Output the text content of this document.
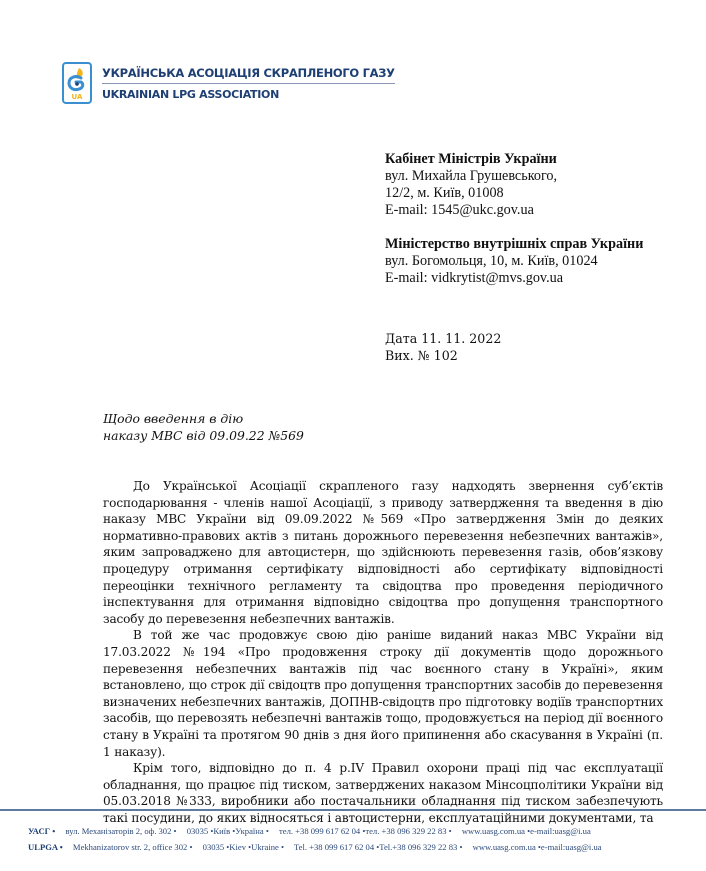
UA
УКРАЇНСЬКА АСОЦІАЦІЯ СКРАПЛЕНОГО ГАЗУ
UKRAINIAN LPG ASSOCIATION
Кабінет Міністрів України
вул. Михайла Грушевського,
12/2, м. Київ, 01008
E-mail: 1545@ukc.gov.ua
Міністерство внутрішніх справ України
вул. Богомольця, 10, м. Київ, 01024
E-mail: vidkrytist@mvs.gov.ua
Дата 11. 11. 2022
Вих. № 102
Щодо введення в дію
наказу МВС від 09.09.22 №569

До Української Асоціації скрапленого газу надходять звернення суб’єктів господарювання - членів нашої Асоціації, з приводу затвердження та введення в дію наказу МВС України від 09.09.2022 №569 «Про затвердження Змін до деяких нормативно-правових актів з питань дорожнього перевезення небезпечних вантажів», яким запроваджено для автоцистерн, що здійснюють перевезення газів, обов’язкову процедуру отримання сертифікату відповідності або сертифікату відповідності переоцінки технічного регламенту та свідоцтва про проведення періодичного інспектування для отримання відповідно свідоцтва про допущення транспортного засобу до перевезення небезпечних вантажів.

В той же час продовжує свою дію раніше виданий наказ МВС України від 17.03.2022 №194 «Про продовження строку дії документів щодо дорожнього перевезення небезпечних вантажів під час воєнного стану в Україні», яким встановлено, що строк дії свідоцтв про допущення транспортних засобів до перевезення визначених небезпечних вантажів, ДОПНВ-свідоцтв про підготовку водіїв транспортних засобів, що перевозять небезпечні вантажів тощо, продовжується на період дії воєнного стану в Україні та протягом 90 днів з дня його припинення або скасування в Україні (п. 1 наказу).

Крім того, відповідно до п. 4 р.IV Правил охорони праці під час експлуатації обладнання, що працює під тиском, затверджених наказом Мінсоцполітики України від 05.03.2018 №333, виробники або постачальники обладнання під тиском забезпечують такі посудини, до яких відносяться і автоцистерни, експлуатаційними документами, та

УАСГ • вул. Механізаторів 2, оф. 302 • 03035 •Київ •Україна • тел. +38 099 617 62 04 •тел. +38 096 329 22 83 • www.uasg.com.ua •e-mail:uasg@i.ua
ULPGA • Mekhanizatorov str. 2, office 302 • 03035 •Kiev •Ukraine • Tel. +38 099 617 62 04 •Tel.+38 096 329 22 83 • www.uasg.com.ua •e-mail:uasg@i.ua
